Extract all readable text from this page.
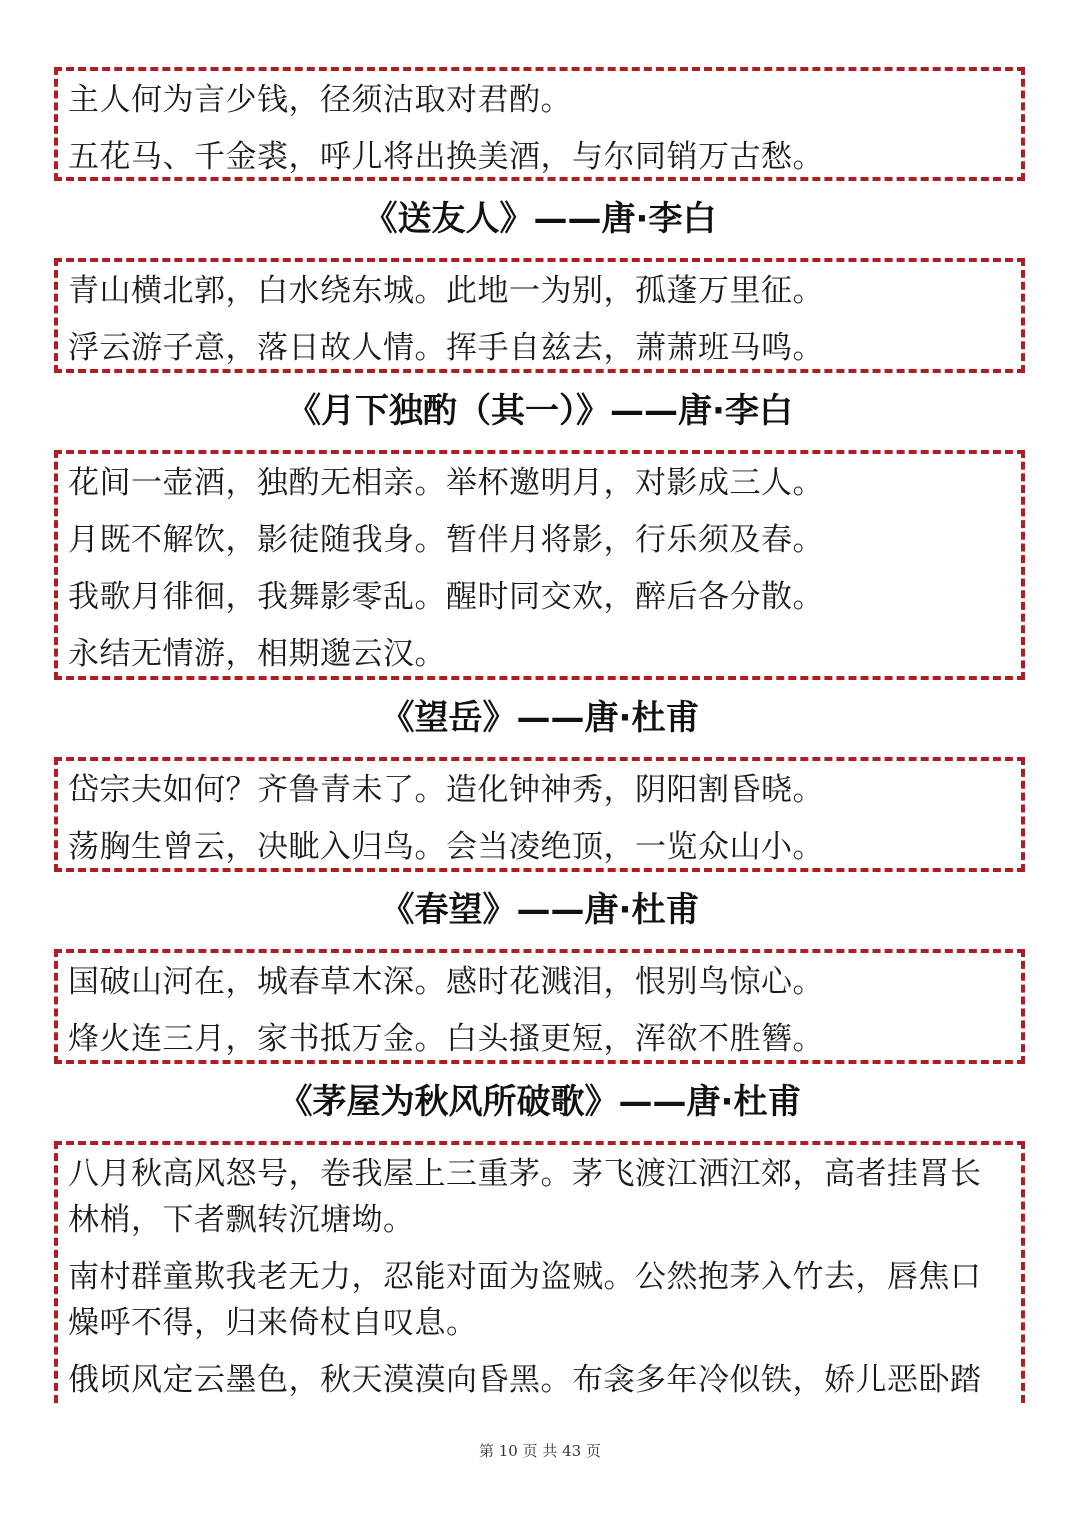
主人何为言少钱，径须沽取对君酌。
五花马、千金裘，呼儿将出换美酒，与尔同销万古愁。
《送友人》——唐·李白
青山横北郭，白水绕东城。此地一为别，孤蓬万里征。
浮云游子意，落日故人情。挥手自兹去，萧萧班马鸣。
《月下独酌（其一）》——唐·李白
花间一壶酒，独酌无相亲。举杯邀明月，对影成三人。
月既不解饮，影徒随我身。暂伴月将影，行乐须及春。
我歌月徘徊，我舞影零乱。醒时同交欢，醉后各分散。
永结无情游，相期邈云汉。
《望岳》——唐·杜甫
岱宗夫如何？齐鲁青未了。造化钟神秀，阴阳割昏晓。
荡胸生曾云，决眦入归鸟。会当凌绝顶，一览众山小。
《春望》——唐·杜甫
国破山河在，城春草木深。感时花溅泪，恨别鸟惊心。
烽火连三月，家书抵万金。白头搔更短，浑欲不胜簪。
《茅屋为秋风所破歌》——唐·杜甫
八月秋高风怒号，卷我屋上三重茅。茅飞渡江洒江郊，高者挂罥长林梢，下者飘转沉塘坳。
南村群童欺我老无力，忍能对面为盗贼。公然抱茅入竹去，唇焦口燥呼不得，归来倚杖自叹息。
俄顷风定云墨色，秋天漠漠向昏黑。布衾多年冷似铁，娇儿恶卧踏
第 10 页 共 43 页
